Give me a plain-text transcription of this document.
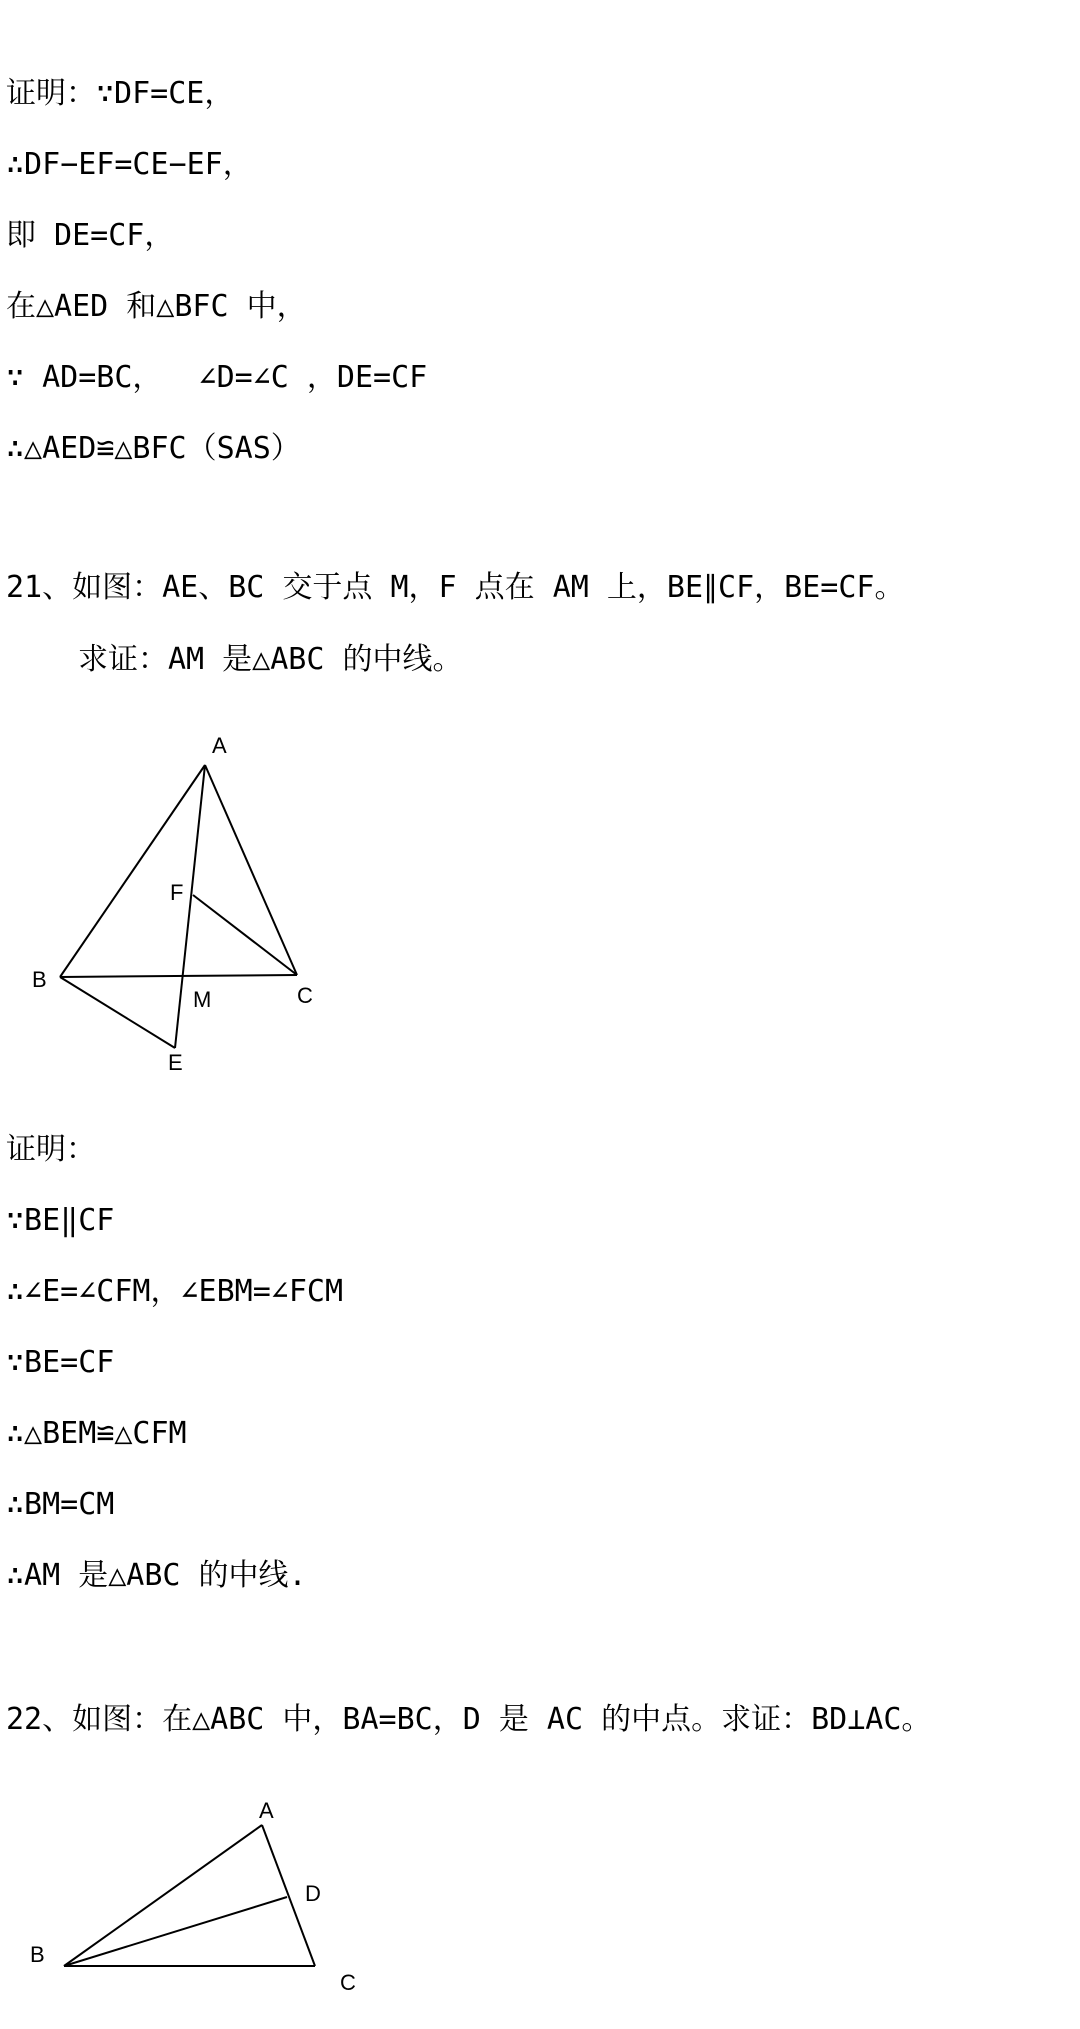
证明：∵DF=CE，
∴DF−EF=CE−EF，
即 DE=CF，
在△AED 和△BFC 中，
∵ AD=BC，  ∠D=∠C ，DE=CF
∴△AED≌△BFC（SAS）
21、如图：AE、BC 交于点 M，F 点在 AM 上，BE∥CF，BE=CF。
求证：AM 是△ABC 的中线。
A
F
B
M	C
E
证明：
∵BE‖CF
∴∠E=∠CFM，∠EBM=∠FCM
∵BE=CF
∴△BEM≌△CFM
∴BM=CM
∴AM 是△ABC 的中线.
22、如图：在△ABC 中，BA=BC，D 是 AC 的中点。求证：BD⊥AC。
A
D
B
C
